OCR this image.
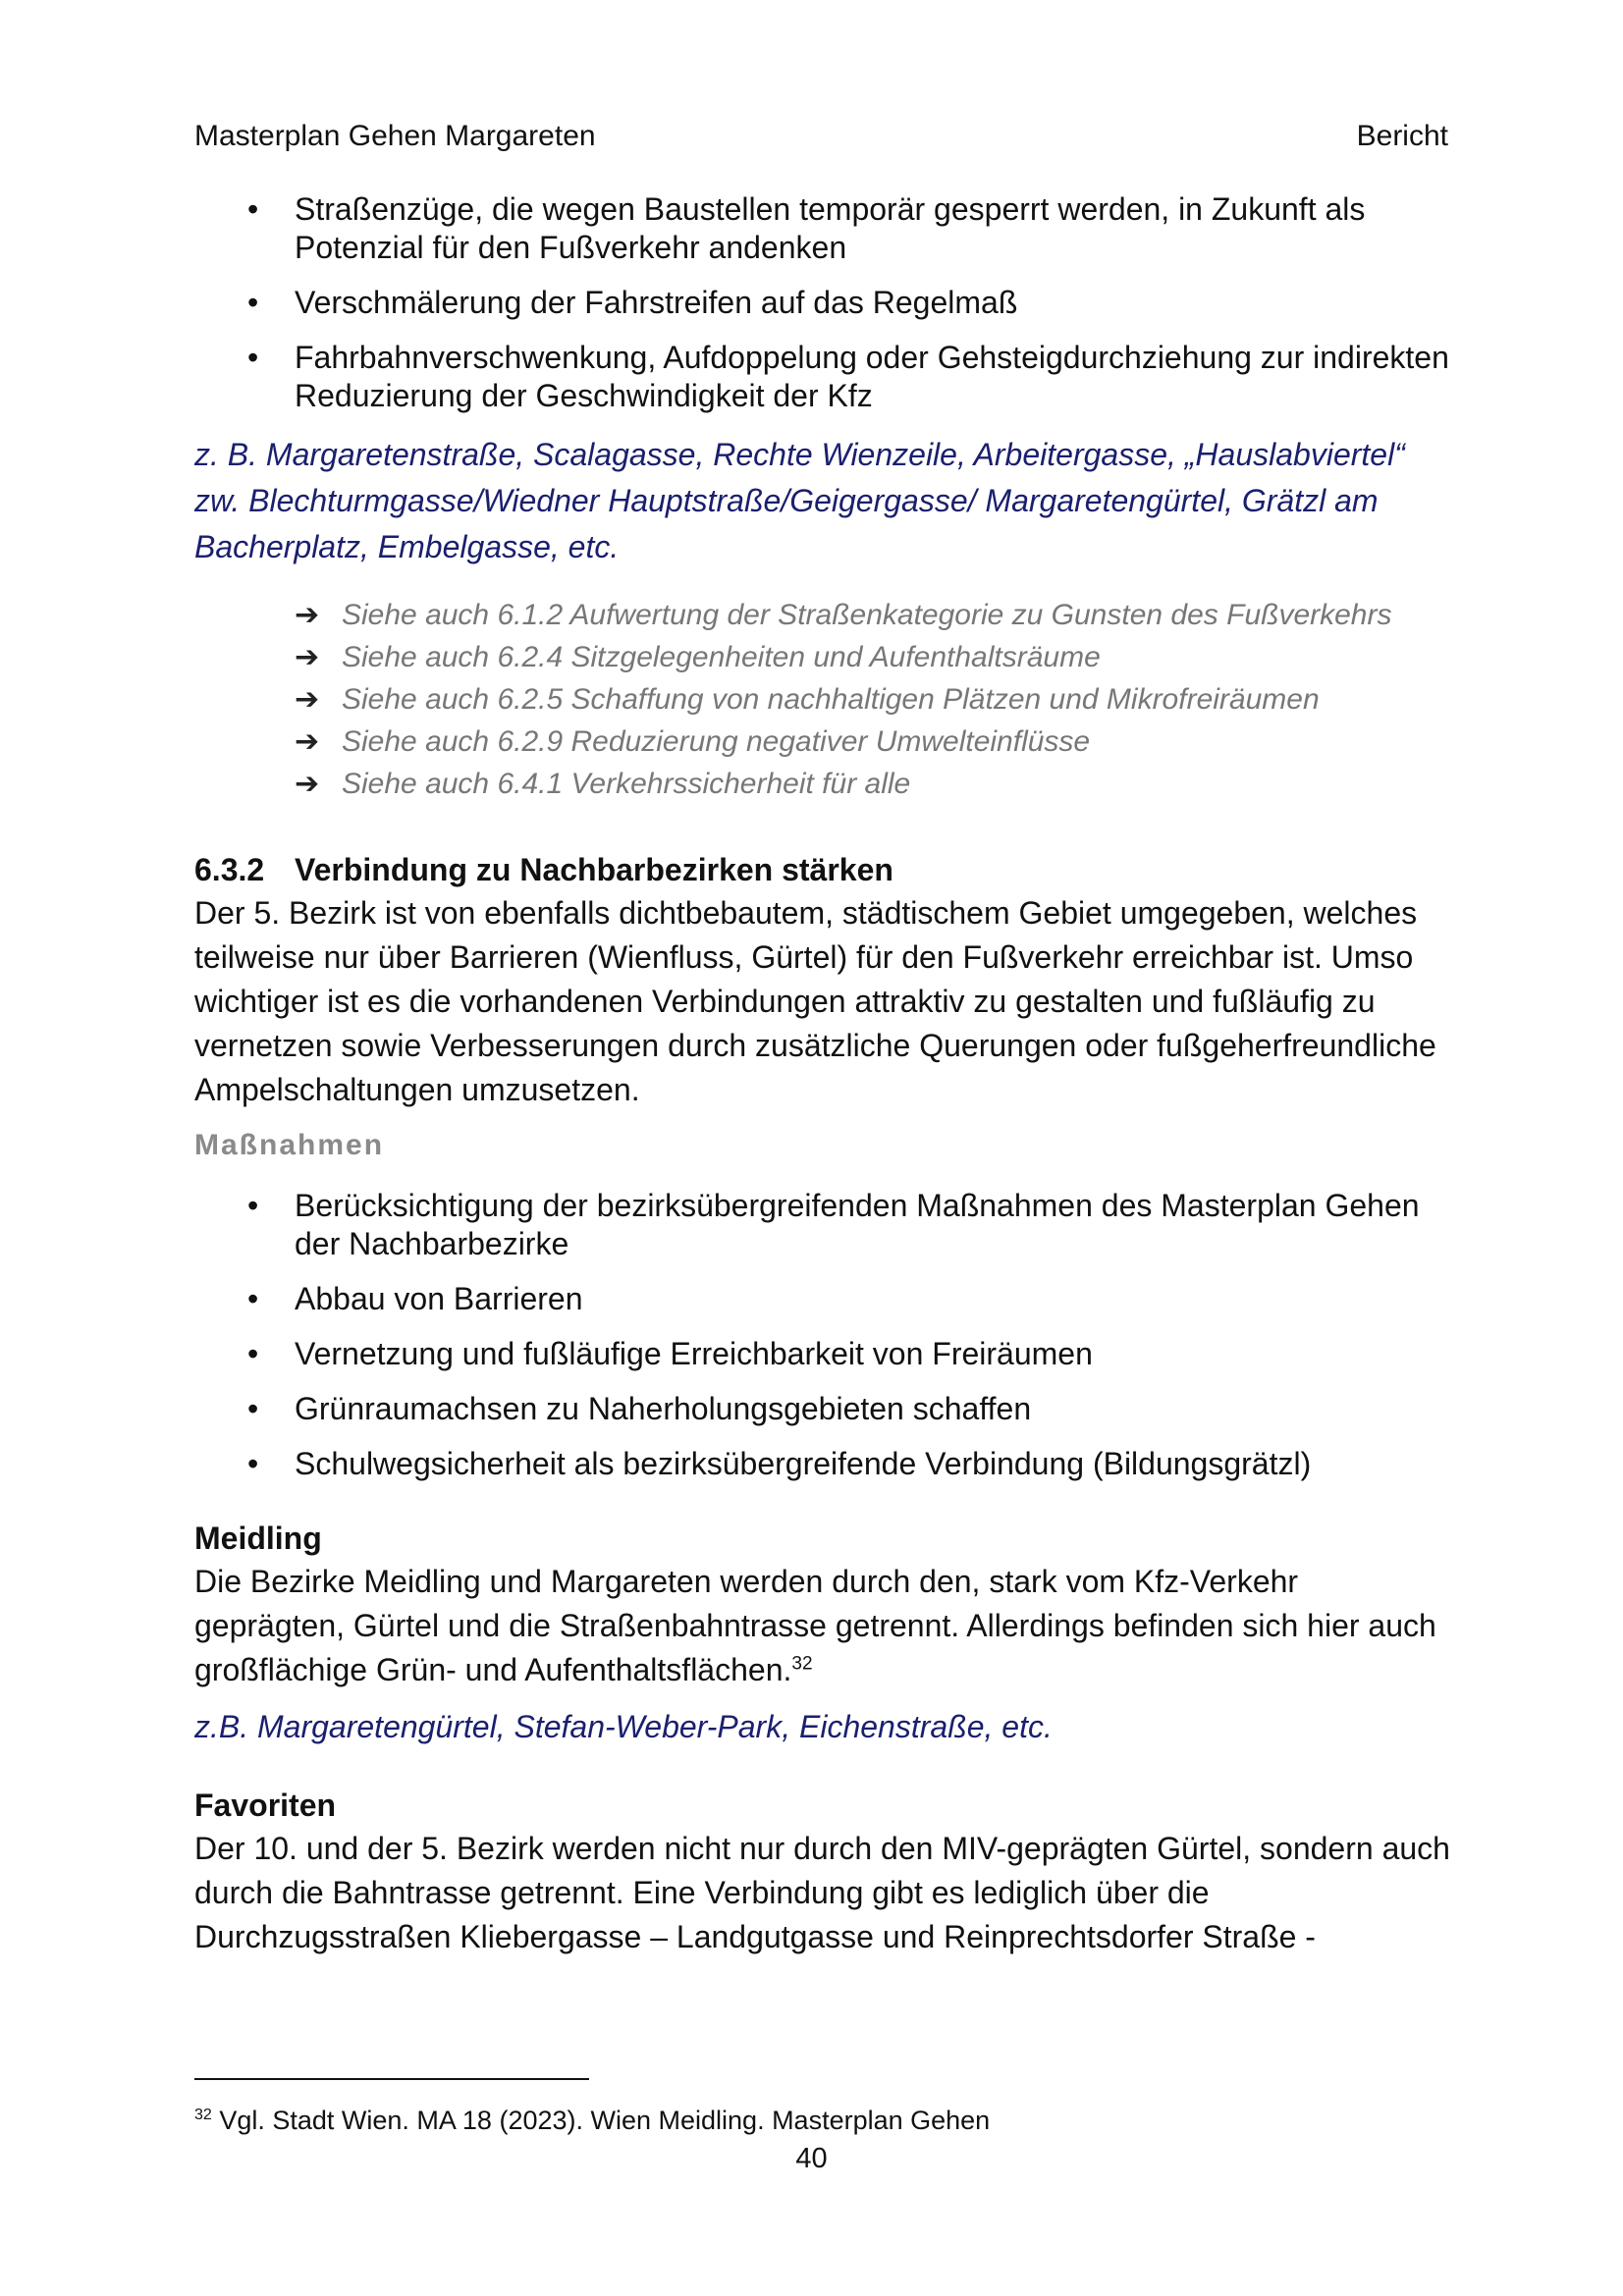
Masterplan Gehen Margareten	Bericht
• Straßenzüge, die wegen Baustellen temporär gesperrt werden, in Zukunft als Potenzial für den Fußverkehr andenken
• Verschmälerung der Fahrstreifen auf das Regelmaß
• Fahrbahnverschwenkung, Aufdoppelung oder Gehsteigdurchziehung zur indirekten Reduzierung der Geschwindigkeit der Kfz

z. B. Margaretenstraße, Scalagasse, Rechte Wienzeile, Arbeitergasse, „Hauslabviertel“ zw. Blechturmgasse/Wiedner Hauptstraße/Geigergasse/ Margaretengürtel, Grätzl am Bacherplatz, Embelgasse, etc.

➔ Siehe auch 6.1.2 Aufwertung der Straßenkategorie zu Gunsten des Fußverkehrs
➔ Siehe auch 6.2.4 Sitzgelegenheiten und Aufenthaltsräume
➔ Siehe auch 6.2.5 Schaffung von nachhaltigen Plätzen und Mikrofreiräumen
➔ Siehe auch 6.2.9 Reduzierung negativer Umwelteinflüsse
➔ Siehe auch 6.4.1 Verkehrssicherheit für alle
6.3.2 Verbindung zu Nachbarbezirken stärken

Der 5. Bezirk ist von ebenfalls dichtbebautem, städtischem Gebiet umgegeben, welches teilweise nur über Barrieren (Wienfluss, Gürtel) für den Fußverkehr erreichbar ist. Umso wichtiger ist es die vorhandenen Verbindungen attraktiv zu gestalten und fußläufig zu vernetzen sowie Verbesserungen durch zusätzliche Querungen oder fußgeherfreundliche Ampelschaltungen umzusetzen.

Maßnahmen
• Berücksichtigung der bezirksübergreifenden Maßnahmen des Masterplan Gehen der Nachbarbezirke
• Abbau von Barrieren
• Vernetzung und fußläufige Erreichbarkeit von Freiräumen
• Grünraumachsen zu Naherholungsgebieten schaffen
• Schulwegsicherheit als bezirksübergreifende Verbindung (Bildungsgrätzl)
Meidling

Die Bezirke Meidling und Margareten werden durch den, stark vom Kfz-Verkehr geprägten, Gürtel und die Straßenbahntrasse getrennt. Allerdings befinden sich hier auch großflächige Grün- und Aufenthaltsflächen.$^{32}$

z.B. Margaretengürtel, Stefan-Weber-Park, Eichenstraße, etc.

Favoriten

Der 10. und der 5. Bezirk werden nicht nur durch den MIV-geprägten Gürtel, sondern auch durch die Bahntrasse getrennt. Eine Verbindung gibt es lediglich über die Durchzugsstraßen Kliebergasse – Landgutgasse und Reinprechtsdorfer Straße -

$^{32}$ Vgl. Stadt Wien. MA 18 (2023). Wien Meidling. Masterplan Gehen
40
